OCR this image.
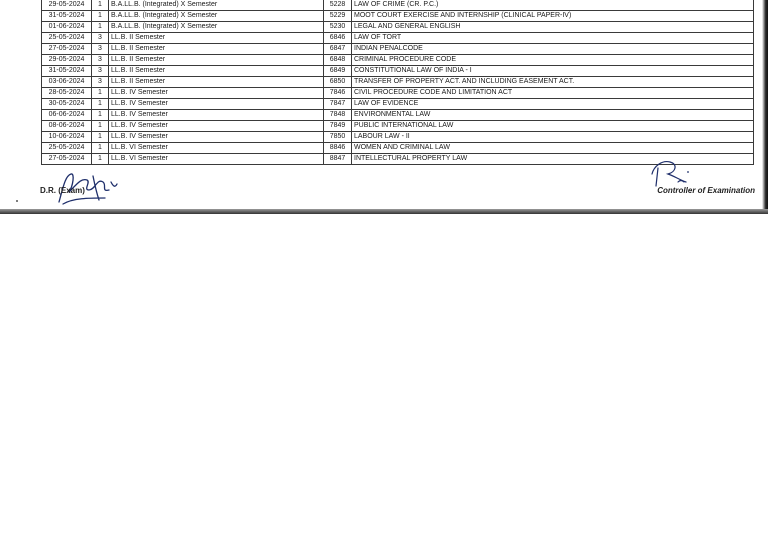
29-05-2024	1	B.A.LL.B. (Integrated) X Semester	5228	LAW OF CRIME (CR. P.C.)
31-05-2024	1	B.A.LL.B. (Integrated) X Semester	5229	MOOT COURT EXERCISE AND INTERNSHIP (CLINICAL PAPER-IV)
01-06-2024	1	B.A.LL.B. (Integrated) X Semester	5230	LEGAL AND GENERAL ENGLISH
25-05-2024	3	LL.B. II Semester	6846	LAW OF TORT
27-05-2024	3	LL.B. II Semester	6847	INDIAN PENALCODE
29-05-2024	3	LL.B. II Semester	6848	CRIMINAL PROCEDURE CODE
31-05-2024	3	LL.B. II Semester	6849	CONSTITUTIONAL LAW OF INDIA - I
03-06-2024	3	LL.B. II Semester	6850	TRANSFER OF PROPERTY ACT. AND INCLUDING EASEMENT ACT.
28-05-2024	1	LL.B. IV Semester	7846	CIVIL PROCEDURE CODE AND LIMITATION ACT
30-05-2024	1	LL.B. IV Semester	7847	LAW OF EVIDENCE
06-06-2024	1	LL.B. IV Semester	7848	ENVIRONMENTAL LAW
08-06-2024	1	LL.B. IV Semester	7849	PUBLIC INTERNATIONAL LAW
10-06-2024	1	LL.B. IV Semester	7850	LABOUR LAW - II
25-05-2024	1	LL.B. VI Semester	8846	WOMEN AND CRIMINAL LAW
27-05-2024	1	LL.B. VI Semester	8847	INTELLECTURAL PROPERTY LAW
D.R. (Exam)	Controller of Examination
